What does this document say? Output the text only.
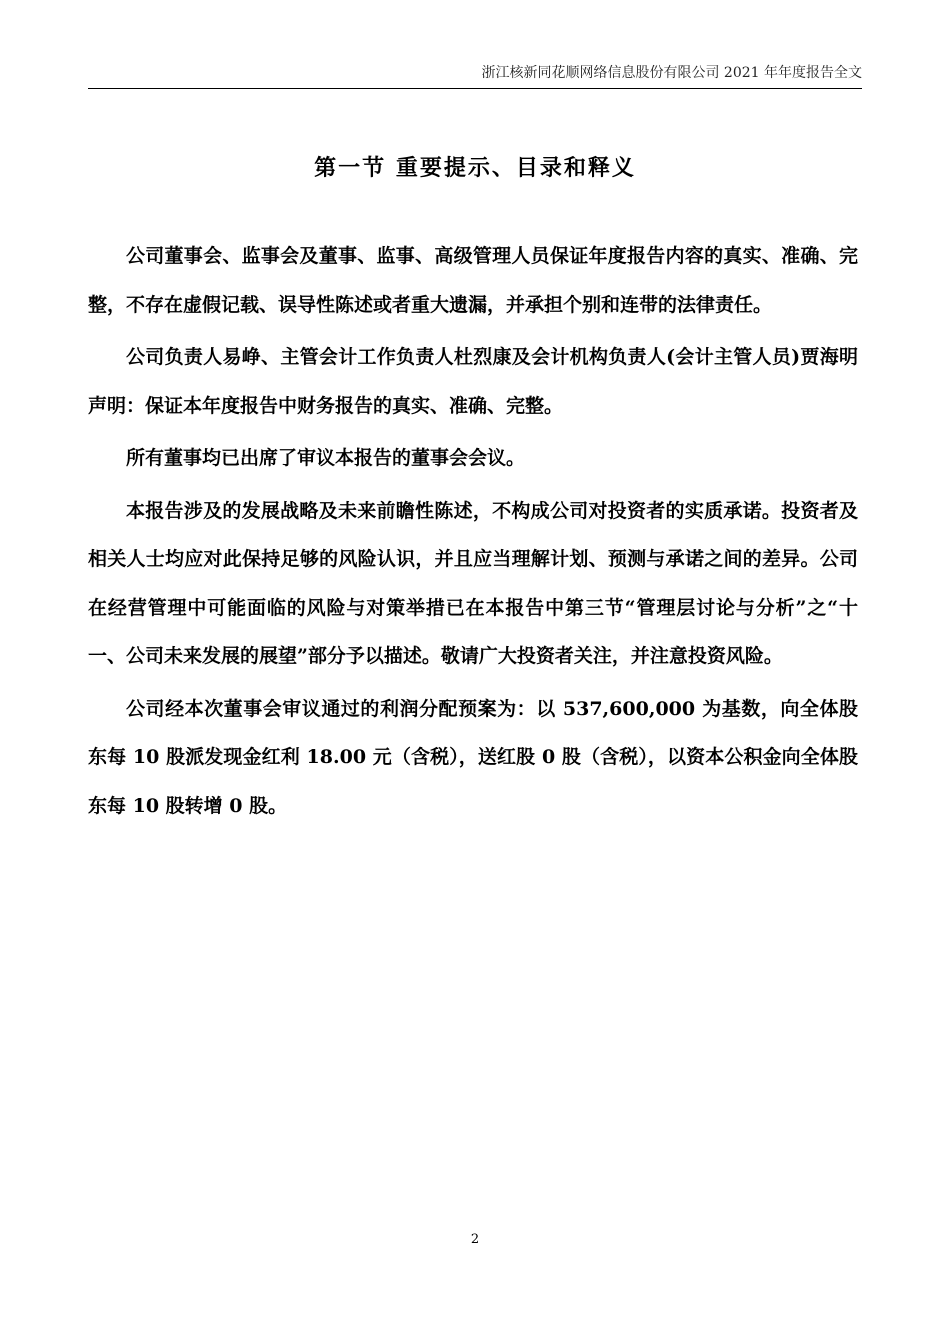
浙江核新同花顺网络信息股份有限公司 2021 年年度报告全文
第一节 重要提示、目录和释义

公司董事会、监事会及董事、监事、高级管理人员保证年度报告内容的真实、准确、完整，不存在虚假记载、误导性陈述或者重大遗漏，并承担个别和连带的法律责任。

公司负责人易峥、主管会计工作负责人杜烈康及会计机构负责人(会计主管人员)贾海明声明：保证本年度报告中财务报告的真实、准确、完整。

所有董事均已出席了审议本报告的董事会会议。

本报告涉及的发展战略及未来前瞻性陈述，不构成公司对投资者的实质承诺。投资者及相关人士均应对此保持足够的风险认识，并且应当理解计划、预测与承诺之间的差异。公司在经营管理中可能面临的风险与对策举措已在本报告中第三节“管理层讨论与分析”之“十一、公司未来发展的展望”部分予以描述。敬请广大投资者关注，并注意投资风险。

公司经本次董事会审议通过的利润分配预案为：以 537,600,000 为基数，向全体股东每 10 股派发现金红利 18.00 元（含税），送红股 0 股（含税），以资本公积金向全体股东每 10 股转增 0 股。

2
